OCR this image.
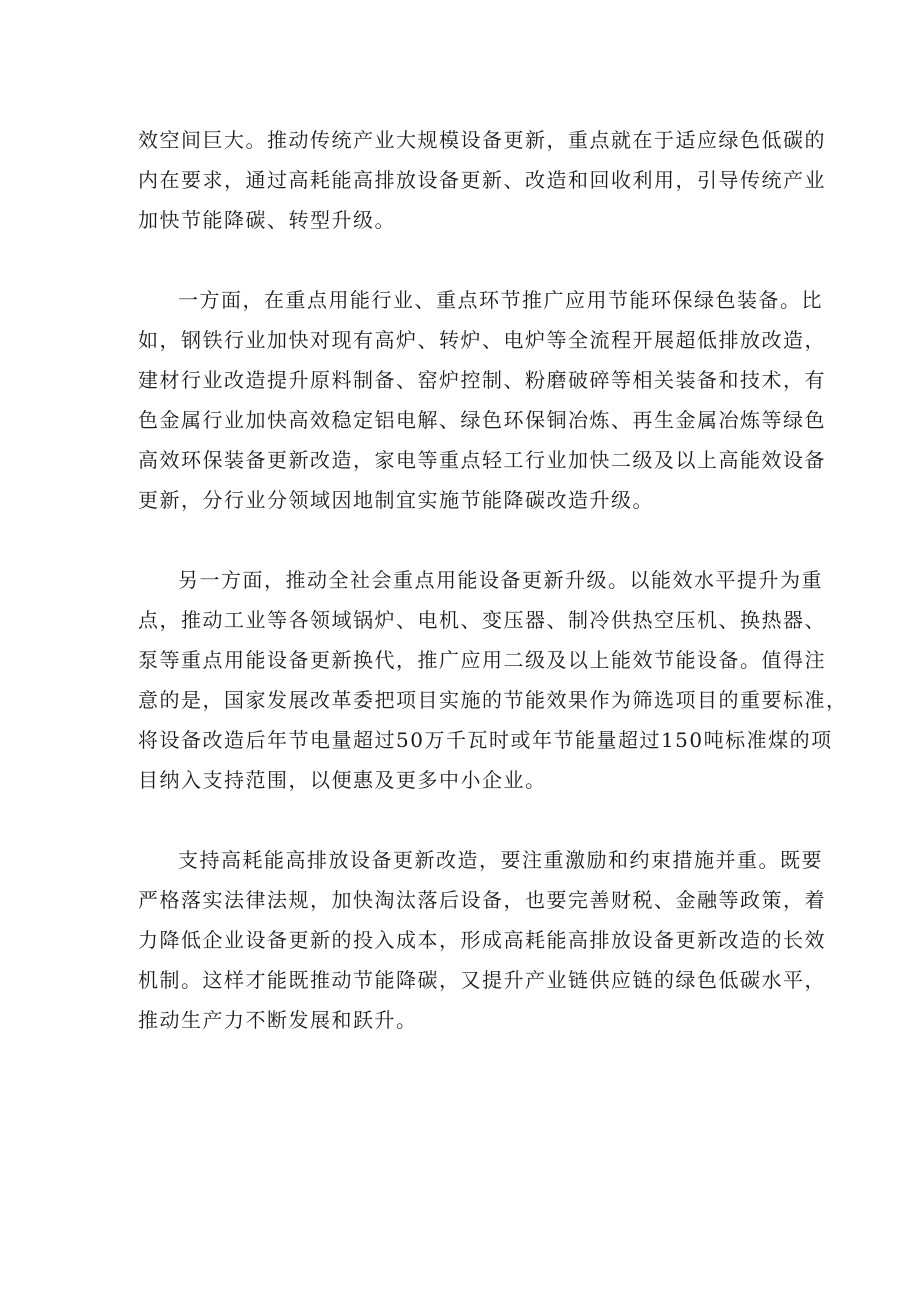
效空间巨大。推动传统产业大规模设备更新，重点就在于适应绿色低碳的
内在要求，通过高耗能高排放设备更新、改造和回收利用，引导传统产业
加快节能降碳、转型升级。

一方面，在重点用能行业、重点环节推广应用节能环保绿色装备。比
如，钢铁行业加快对现有高炉、转炉、电炉等全流程开展超低排放改造，
建材行业改造提升原料制备、窑炉控制、粉磨破碎等相关装备和技术，有
色金属行业加快高效稳定铝电解、绿色环保铜冶炼、再生金属冶炼等绿色
高效环保装备更新改造，家电等重点轻工行业加快二级及以上高能效设备
更新，分行业分领域因地制宜实施节能降碳改造升级。

另一方面，推动全社会重点用能设备更新升级。以能效水平提升为重
点，推动工业等各领域锅炉、电机、变压器、制冷供热空压机、换热器、
泵等重点用能设备更新换代，推广应用二级及以上能效节能设备。值得注
意的是，国家发展改革委把项目实施的节能效果作为筛选项目的重要标准，
将设备改造后年节电量超过50万千瓦时或年节能量超过150吨标准煤的项
目纳入支持范围，以便惠及更多中小企业。

支持高耗能高排放设备更新改造，要注重激励和约束措施并重。既要
严格落实法律法规，加快淘汰落后设备，也要完善财税、金融等政策，着
力降低企业设备更新的投入成本，形成高耗能高排放设备更新改造的长效
机制。这样才能既推动节能降碳，又提升产业链供应链的绿色低碳水平，
推动生产力不断发展和跃升。
